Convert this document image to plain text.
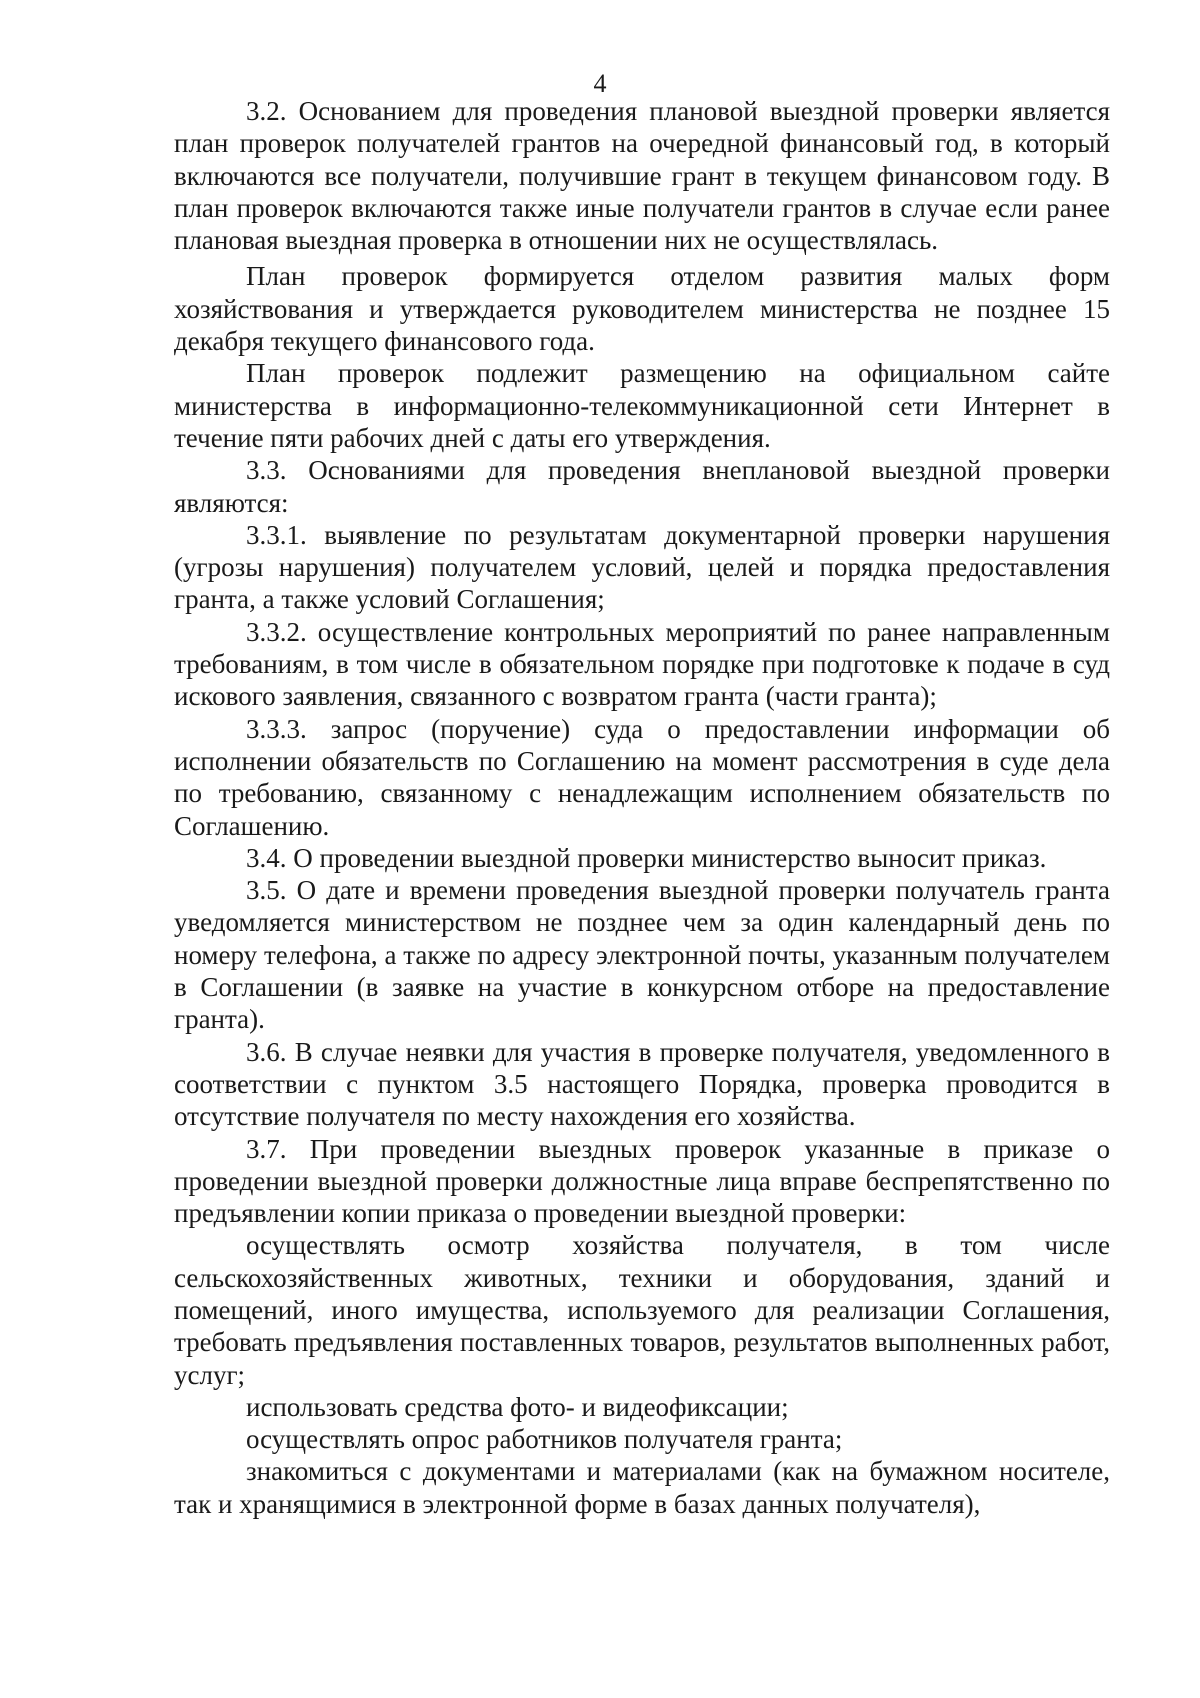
4

3.2. Основанием для проведения плановой выездной проверки является план проверок получателей грантов на очередной финансовый год, в который включаются все получатели, получившие грант в текущем финансовом году. В план проверок включаются также иные получатели грантов в случае если ранее плановая выездная проверка в отношении них не осуществлялась.

План проверок формируется отделом развития малых форм хозяйствования и утверждается руководителем министерства не позднее 15 декабря текущего финансового года.

План проверок подлежит размещению на официальном сайте министерства в информационно-телекоммуникационной сети Интернет в течение пяти рабочих дней с даты его утверждения.

3.3. Основаниями для проведения внеплановой выездной проверки являются:

3.3.1. выявление по результатам документарной проверки нарушения (угрозы нарушения) получателем условий, целей и порядка предоставления гранта, а также условий Соглашения;

3.3.2. осуществление контрольных мероприятий по ранее направленным требованиям, в том числе в обязательном порядке при подготовке к подаче в суд искового заявления, связанного с возвратом гранта (части гранта);

3.3.3. запрос (поручение) суда о предоставлении информации об исполнении обязательств по Соглашению на момент рассмотрения в суде дела по требованию, связанному с ненадлежащим исполнением обязательств по Соглашению.

3.4. О проведении выездной проверки министерство выносит приказ.

3.5. О дате и времени проведения выездной проверки получатель гранта уведомляется министерством не позднее чем за один календарный день по номеру телефона, а также по адресу электронной почты, указанным получателем в Соглашении (в заявке на участие в конкурсном отборе на предоставление гранта).

3.6. В случае неявки для участия в проверке получателя, уведомленного в соответствии с пунктом 3.5 настоящего Порядка, проверка проводится в отсутствие получателя по месту нахождения его хозяйства.

3.7. При проведении выездных проверок указанные в приказе о проведении выездной проверки должностные лица вправе беспрепятственно по предъявлении копии приказа о проведении выездной проверки:

осуществлять осмотр хозяйства получателя, в том числе сельскохозяйственных животных, техники и оборудования, зданий и помещений, иного имущества, используемого для реализации Соглашения, требовать предъявления поставленных товаров, результатов выполненных работ, услуг;

использовать средства фото- и видеофиксации;

осуществлять опрос работников получателя гранта;

знакомиться с документами и материалами (как на бумажном носителе, так и хранящимися в электронной форме в базах данных получателя),
